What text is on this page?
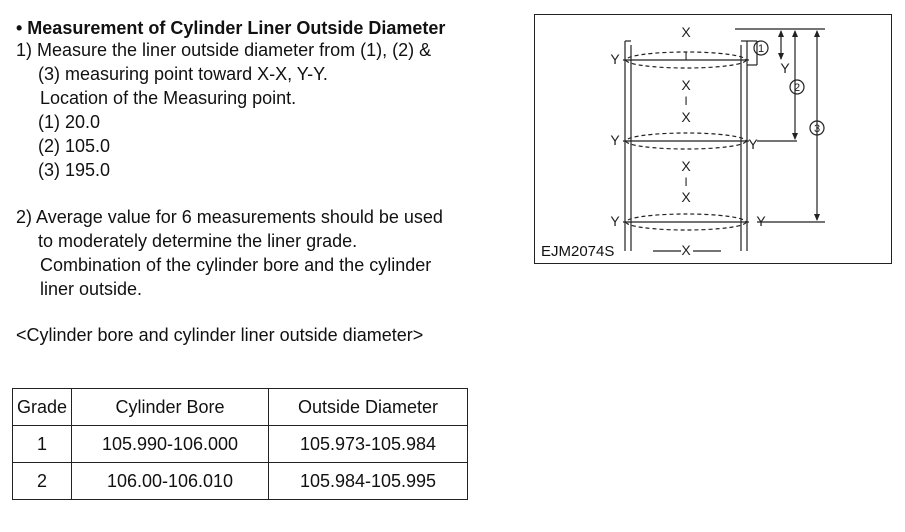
• Measurement of Cylinder Liner Outside Diameter
1) Measure the liner outside diameter from (1), (2) &
(3) measuring point toward X-X, Y-Y.
Location of the Measuring point.
(1) 20.0
(2) 105.0
(3) 195.0
2) Average value for 6 measurements should be used
to moderately determine the liner grade.
Combination of the cylinder bore and the cylinder
liner outside.
<Cylinder bore and cylinder liner outside diameter>
Grade	Cylinder Bore	Outside Diameter
1	105.990-106.000	105.973-105.984
2	106.00-106.010	105.984-105.995
X
I
X
I
X
X
I
X
X
Y
Y
Y
Y
Y
Y
1
2
3
EJM2074S
